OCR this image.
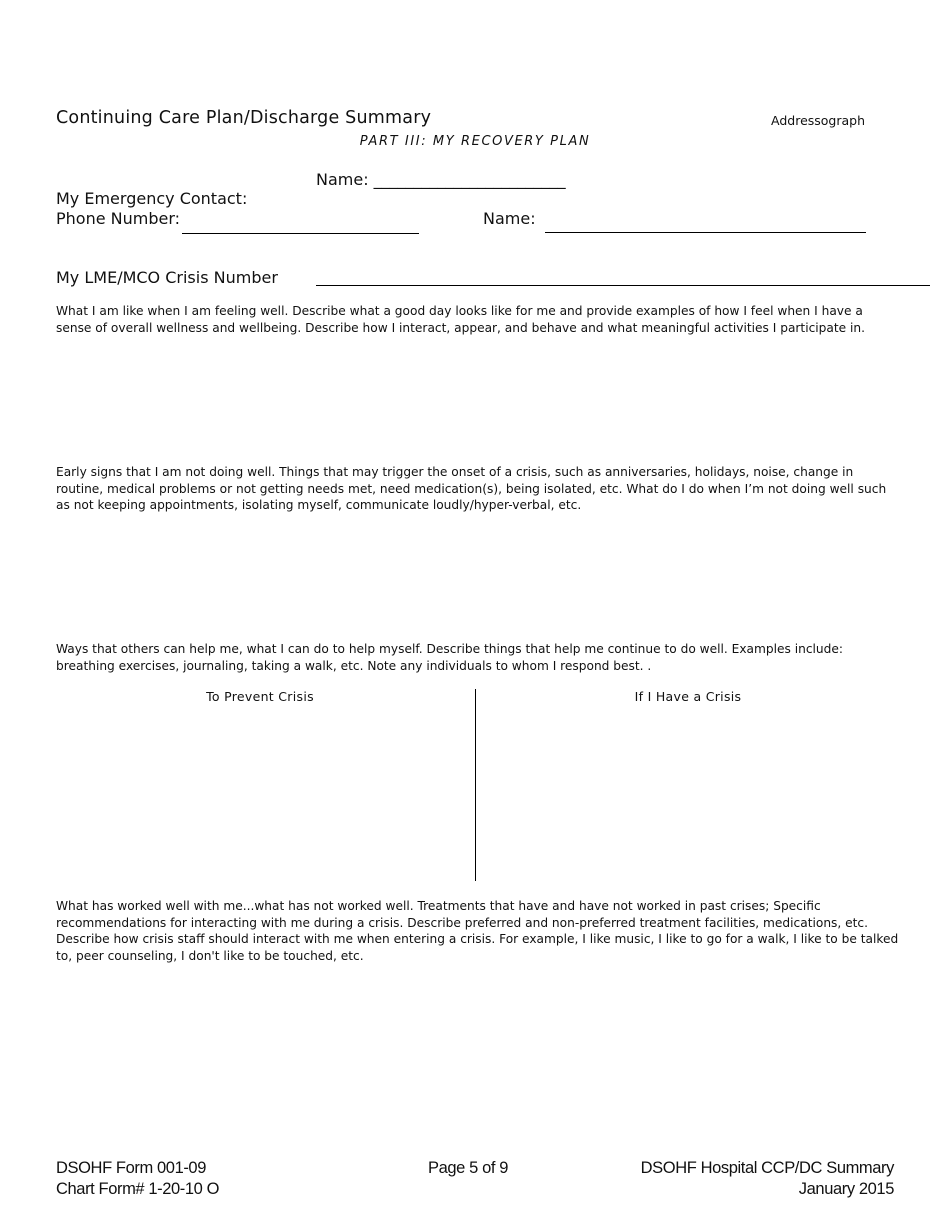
Continuing Care Plan/Discharge Summary	Addressograph
PART III: MY RECOVERY PLAN
Name: ________________________
My Emergency Contact:
Phone Number:	Name:
My LME/MCO Crisis Number
What I am like when I am feeling well. Describe what a good day looks like for me and provide examples of how I feel when I have a sense of overall wellness and wellbeing. Describe how I interact, appear, and behave and what meaningful activities I participate in.
Early signs that I am not doing well. Things that may trigger the onset of a crisis, such as anniversaries, holidays, noise, change in routine, medical problems or not getting needs met, need medication(s), being isolated, etc. What do I do when I’m not doing well such as not keeping appointments, isolating myself, communicate loudly/hyper-verbal, etc.
Ways that others can help me, what I can do to help myself. Describe things that help me continue to do well. Examples include: breathing exercises, journaling, taking a walk, etc. Note any individuals to whom I respond best. .
To Prevent Crisis	If I Have a Crisis
What has worked well with me...what has not worked well. Treatments that have and have not worked in past crises; Specific recommendations for interacting with me during a crisis. Describe preferred and non-preferred treatment facilities, medications, etc. Describe how crisis staff should interact with me when entering a crisis. For example, I like music, I like to go for a walk, I like to be talked to, peer counseling, I don't like to be touched, etc.
DSOHF Form 001-09
Chart Form# 1-20-10 O
Page 5 of 9	DSOHF Hospital CCP/DC Summary
January 2015
